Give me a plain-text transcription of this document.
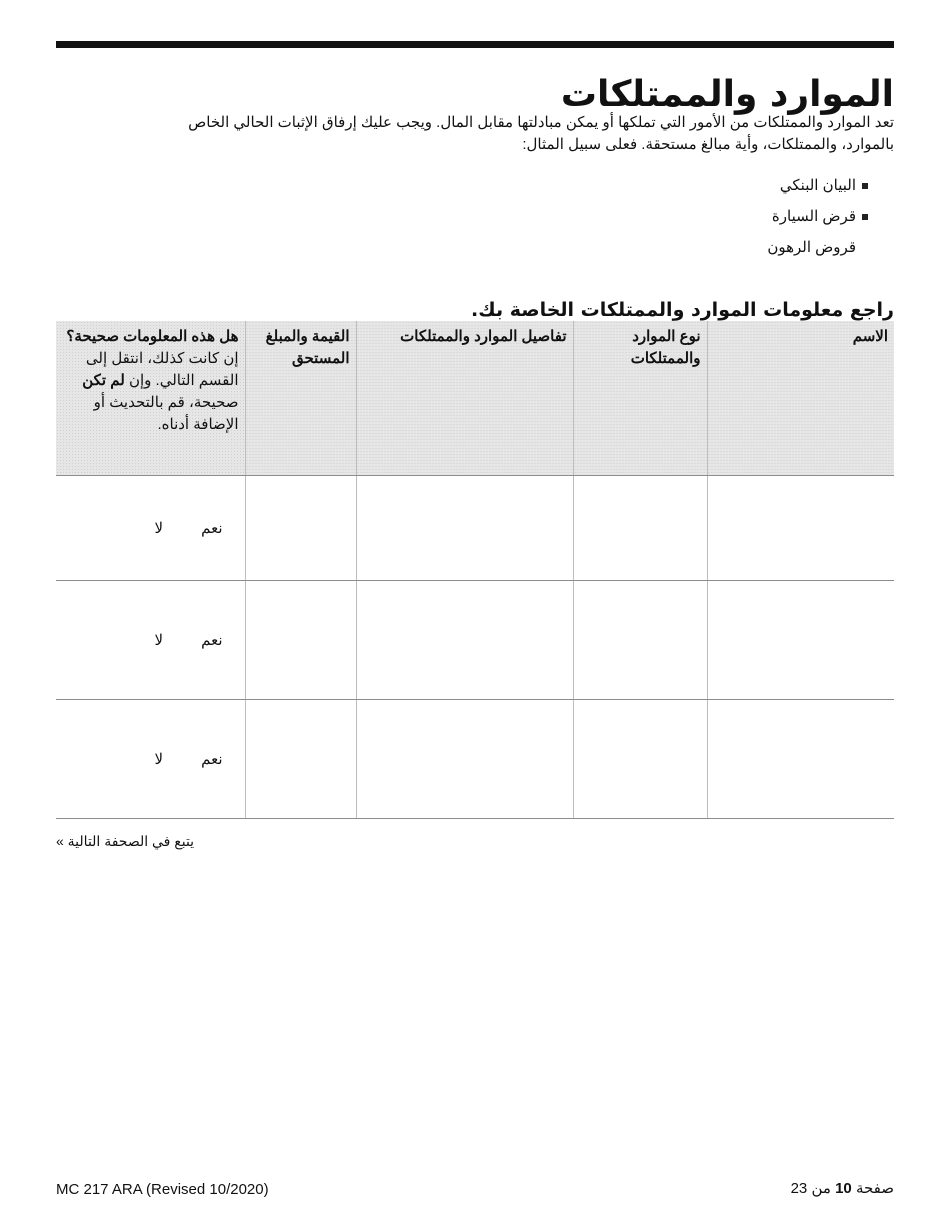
الموارد والممتلكات
تعد الموارد والممتلكات من الأمور التي تملكها أو يمكن مبادلتها مقابل المال. ويجب عليك إرفاق الإثبات الحالي الخاص
بالموارد، والممتلكات، وأية مبالغ مستحقة. فعلى سبيل المثال:
البيان البنكي
قرض السيارة
قروض الرهون
راجع معلومات الموارد والممتلكات الخاصة بك.
الاسم	نوع الموارد والممتلكات	تفاصيل الموارد والممتلكات	القيمة والمبلغ المستحق	هل هذه المعلومات صحيحة؟ إن كانت كذلك، انتقل إلى القسم التالي. وإن لم تكن صحيحة، قم بالتحديث أو الإضافة أدناه.
				نعملا
				نعملا
				نعملا
يتبع في الصحفة التالية »
MC 217 ARA (Revised 10/2020)	صفحة 10 من 23
